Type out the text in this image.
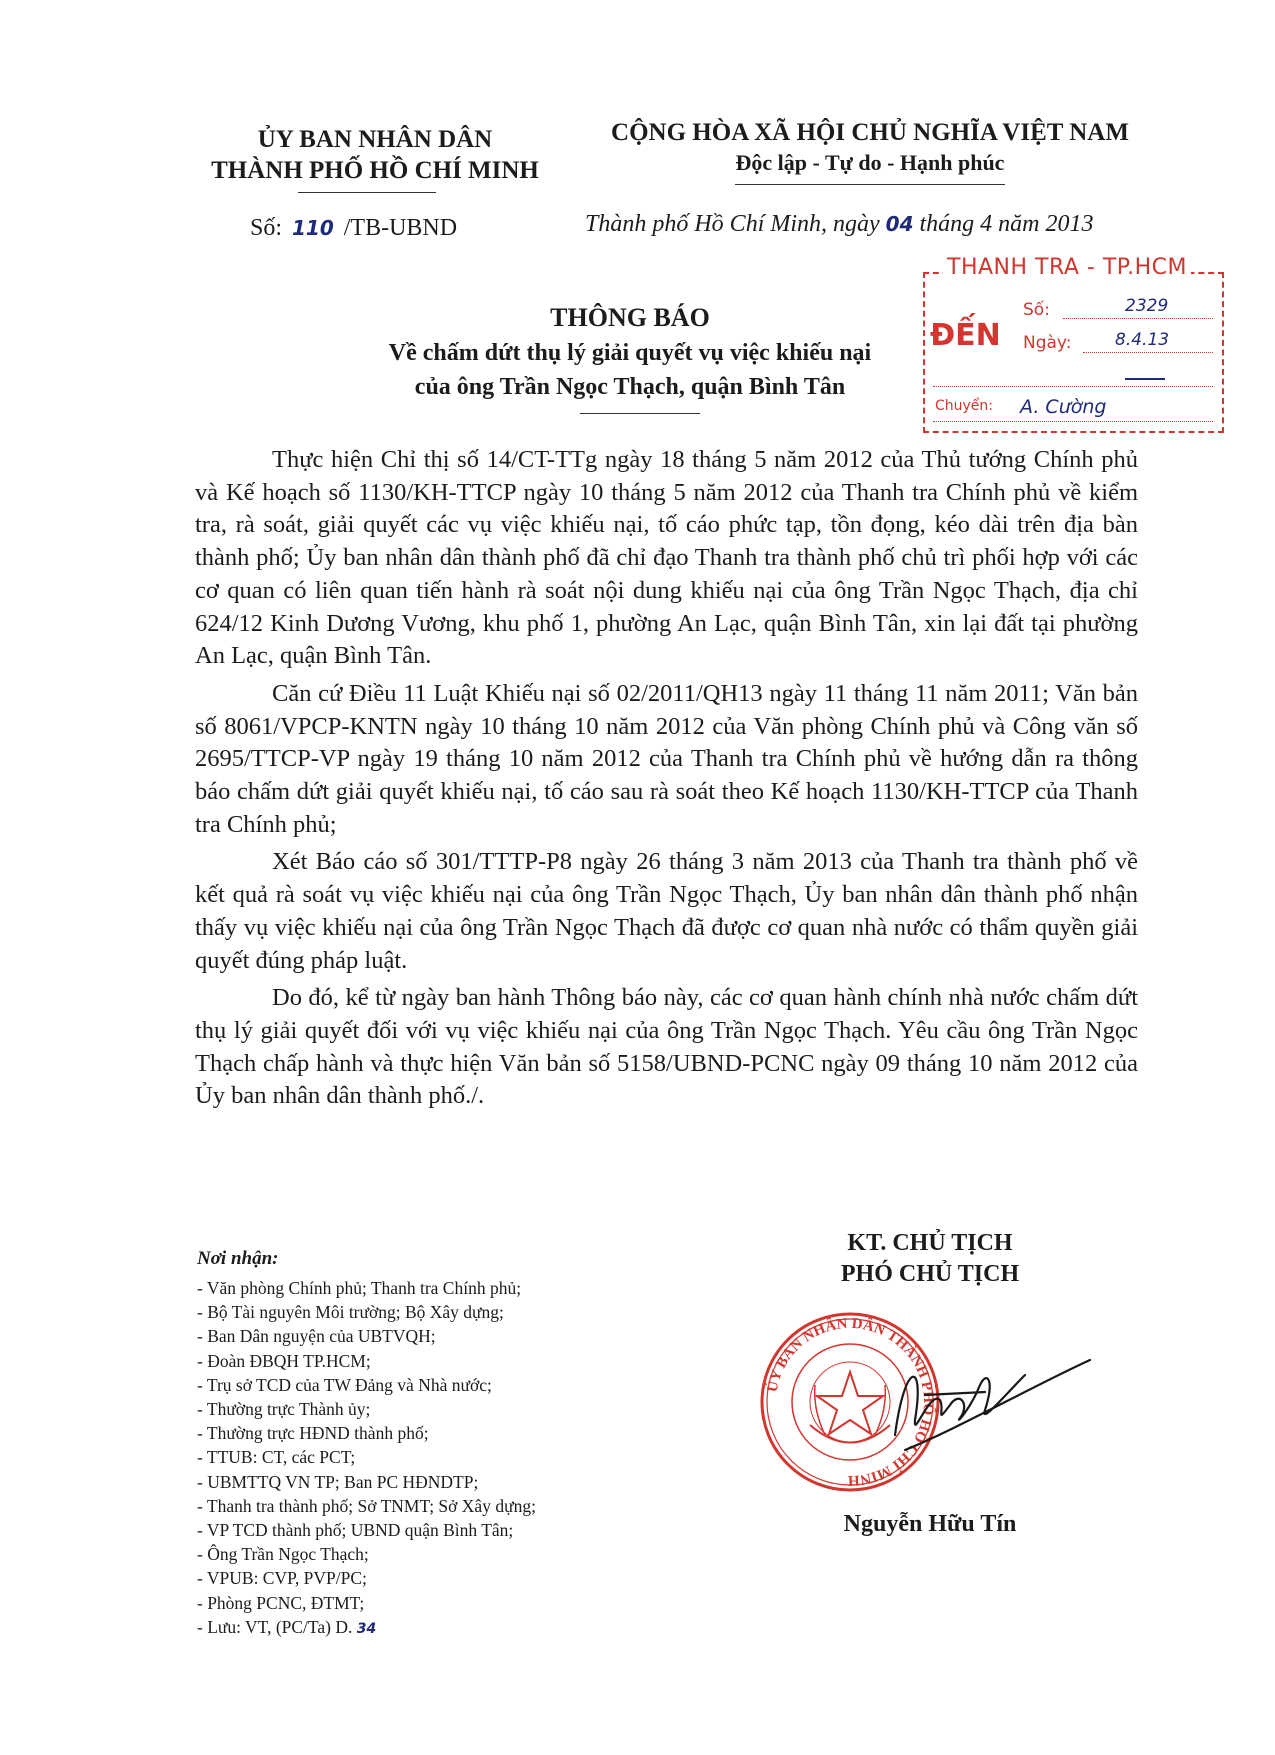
ỦY BAN NHÂN DÂN
THÀNH PHỐ HỒ CHÍ MINH
CỘNG HÒA XÃ HỘI CHỦ NGHĨA VIỆT NAM
Độc lập - Tự do - Hạnh phúc
Số: 110 /TB-UBND	Thành phố Hồ Chí Minh, ngày 04 tháng 4 năm 2013
THANH TRA - TP.HCM
ĐẾN
Số:	2329
Ngày:	8.4.13
Chuyển: A. Cường
THÔNG BÁO
Về chấm dứt thụ lý giải quyết vụ việc khiếu nại
của ông Trần Ngọc Thạch, quận Bình Tân

Thực hiện Chỉ thị số 14/CT-TTg ngày 18 tháng 5 năm 2012 của Thủ tướng Chính phủ và Kế hoạch số 1130/KH-TTCP ngày 10 tháng 5 năm 2012 của Thanh tra Chính phủ về kiểm tra, rà soát, giải quyết các vụ việc khiếu nại, tố cáo phức tạp, tồn đọng, kéo dài trên địa bàn thành phố; Ủy ban nhân dân thành phố đã chỉ đạo Thanh tra thành phố chủ trì phối hợp với các cơ quan có liên quan tiến hành rà soát nội dung khiếu nại của ông Trần Ngọc Thạch, địa chỉ 624/12 Kinh Dương Vương, khu phố 1, phường An Lạc, quận Bình Tân, xin lại đất tại phường An Lạc, quận Bình Tân.

Căn cứ Điều 11 Luật Khiếu nại số 02/2011/QH13 ngày 11 tháng 11 năm 2011; Văn bản số 8061/VPCP-KNTN ngày 10 tháng 10 năm 2012 của Văn phòng Chính phủ và Công văn số 2695/TTCP-VP ngày 19 tháng 10 năm 2012 của Thanh tra Chính phủ về hướng dẫn ra thông báo chấm dứt giải quyết khiếu nại, tố cáo sau rà soát theo Kế hoạch 1130/KH-TTCP của Thanh tra Chính phủ;

Xét Báo cáo số 301/TTTP-P8 ngày 26 tháng 3 năm 2013 của Thanh tra thành phố về kết quả rà soát vụ việc khiếu nại của ông Trần Ngọc Thạch, Ủy ban nhân dân thành phố nhận thấy vụ việc khiếu nại của ông Trần Ngọc Thạch đã được cơ quan nhà nước có thẩm quyền giải quyết đúng pháp luật.

Do đó, kể từ ngày ban hành Thông báo này, các cơ quan hành chính nhà nước chấm dứt thụ lý giải quyết đối với vụ việc khiếu nại của ông Trần Ngọc Thạch. Yêu cầu ông Trần Ngọc Thạch chấp hành và thực hiện Văn bản số 5158/UBND-PCNC ngày 09 tháng 10 năm 2012 của Ủy ban nhân dân thành phố./.

Nơi nhận:
- Văn phòng Chính phủ; Thanh tra Chính phủ;
- Bộ Tài nguyên Môi trường; Bộ Xây dựng;
- Ban Dân nguyện của UBTVQH;
- Đoàn ĐBQH TP.HCM;
- Trụ sở TCD của TW Đảng và Nhà nước;
- Thường trực Thành ủy;
- Thường trực HĐND thành phố;
- TTUB: CT, các PCT;
- UBMTTQ VN TP; Ban PC HĐNDTP;
- Thanh tra thành phố; Sở TNMT; Sở Xây dựng;
- VP TCD thành phố; UBND quận Bình Tân;
- Ông Trần Ngọc Thạch;
- VPUB: CVP, PVP/PC;
- Phòng PCNC, ĐTMT;
- Lưu: VT, (PC/Ta) D. 34
KT. CHỦ TỊCH
PHÓ CHỦ TỊCH
ỦY BAN NHÂN DÂN THÀNH PHỐ HỒ CHÍ MINH
Nguyễn Hữu Tín
